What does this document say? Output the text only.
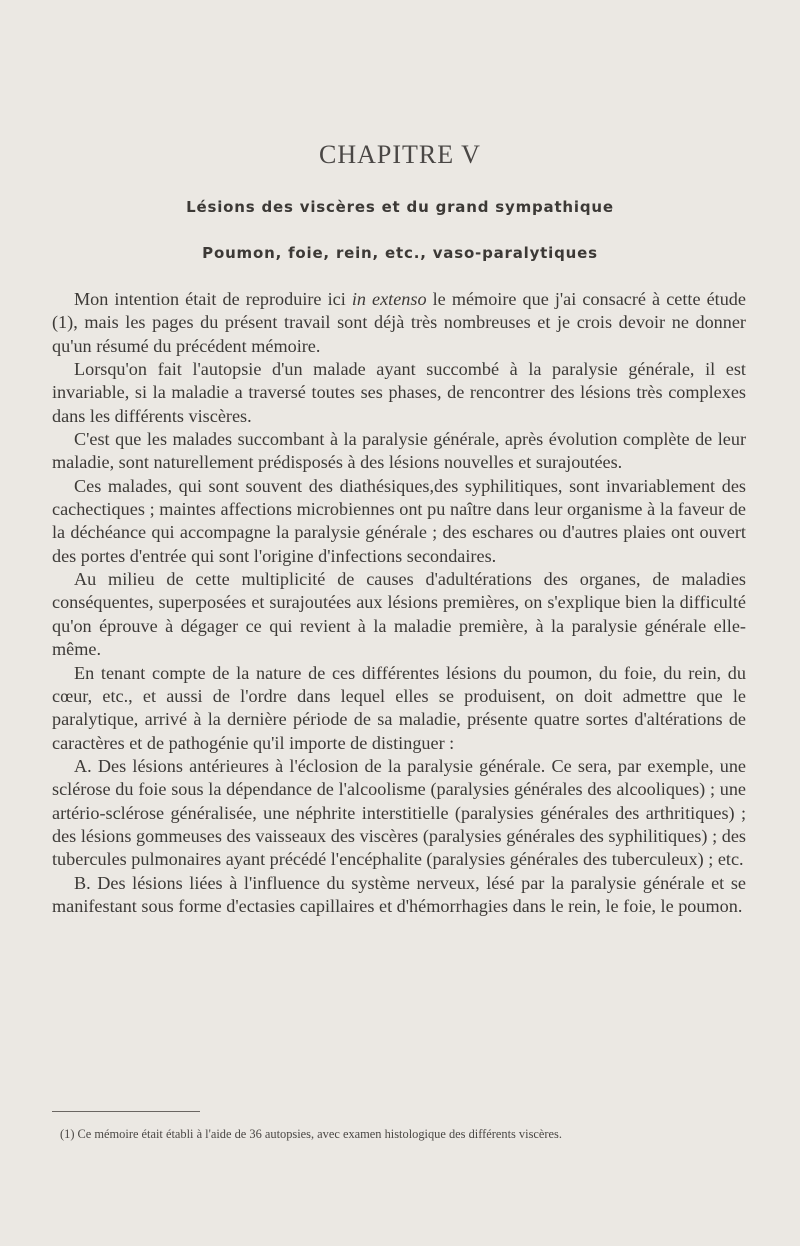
CHAPITRE V
Lésions des viscères et du grand sympathique
Poumon, foie, rein, etc., vaso-paralytiques

Mon intention était de reproduire ici in extenso le mémoire que j'ai consacré à cette étude (1), mais les pages du présent travail sont déjà très nombreuses et je crois devoir ne donner qu'un résumé du précédent mémoire.

Lorsqu'on fait l'autopsie d'un malade ayant succombé à la paralysie générale, il est invariable, si la maladie a traversé toutes ses phases, de rencontrer des lésions très complexes dans les différents viscères.

C'est que les malades succombant à la paralysie générale, après évolution complète de leur maladie, sont naturellement prédisposés à des lésions nouvelles et surajoutées.

Ces malades, qui sont souvent des diathésiques,des syphilitiques, sont invariablement des cachectiques ; maintes affections microbiennes ont pu naître dans leur organisme à la faveur de la déchéance qui accompagne la paralysie générale ; des eschares ou d'autres plaies ont ouvert des portes d'entrée qui sont l'origine d'infections secondaires.

Au milieu de cette multiplicité de causes d'adultérations des organes, de maladies conséquentes, superposées et surajoutées aux lésions premières, on s'explique bien la difficulté qu'on éprouve à dégager ce qui revient à la maladie première, à la paralysie générale elle-même.

En tenant compte de la nature de ces différentes lésions du poumon, du foie, du rein, du cœur, etc., et aussi de l'ordre dans lequel elles se produisent, on doit admettre que le paralytique, arrivé à la dernière période de sa maladie, présente quatre sortes d'altérations de caractères et de pathogénie qu'il importe de distinguer :

A. Des lésions antérieures à l'éclosion de la paralysie générale. Ce sera, par exemple, une sclérose du foie sous la dépendance de l'alcoolisme (paralysies générales des alcooliques) ; une artério-sclérose généralisée, une néphrite interstitielle (paralysies générales des arthritiques) ; des lésions gommeuses des vaisseaux des viscères (paralysies générales des syphilitiques) ; des tubercules pulmonaires ayant précédé l'encéphalite (paralysies générales des tuberculeux) ; etc.

B. Des lésions liées à l'influence du système nerveux, lésé par la paralysie générale et se manifestant sous forme d'ectasies capillaires et d'hémorrhagies dans le rein, le foie, le poumon.

(1) Ce mémoire était établi à l'aide de 36 autopsies, avec examen histologique des différents viscères.
